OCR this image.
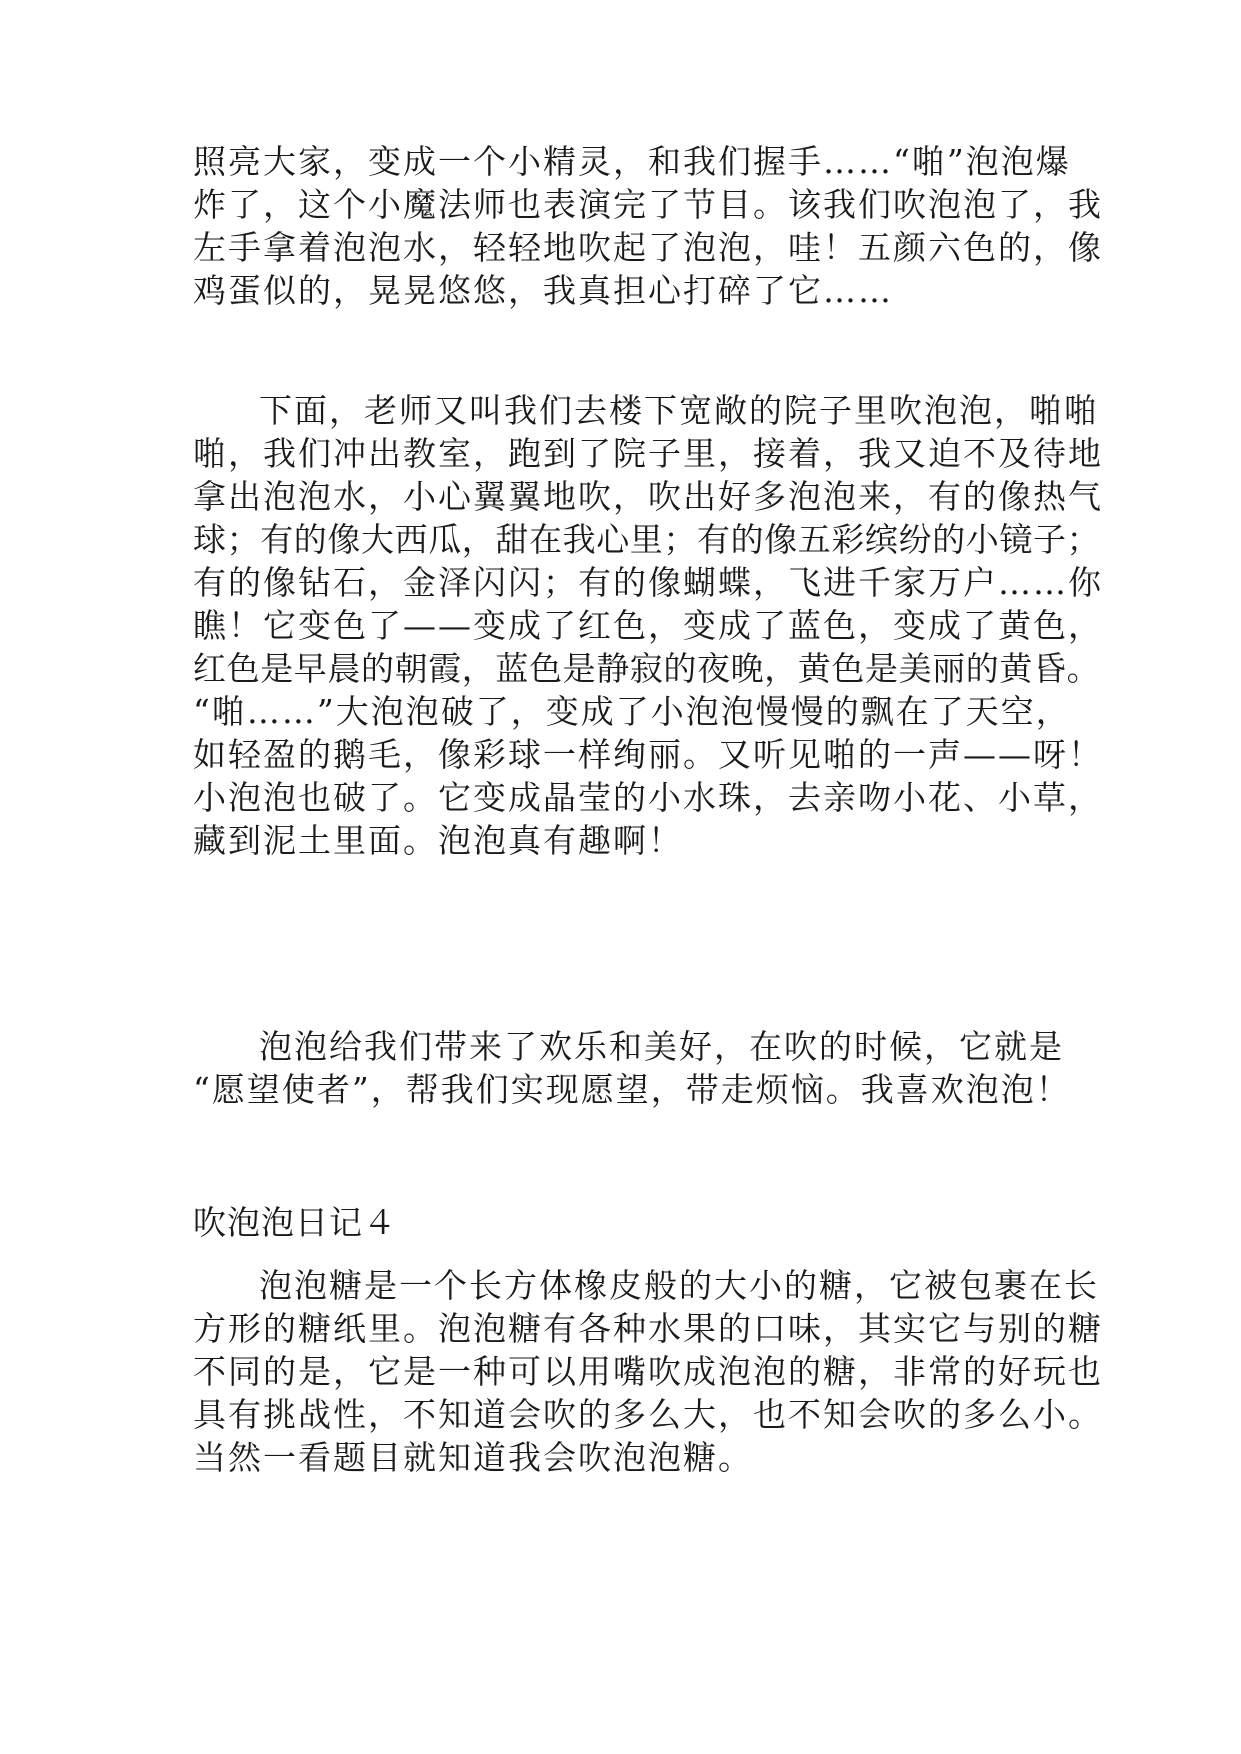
照亮大家，变成一个小精灵，和我们握手……“啪”泡泡爆
炸了，这个小魔法师也表演完了节目。该我们吹泡泡了，我
左手拿着泡泡水，轻轻地吹起了泡泡，哇！五颜六色的，像
鸡蛋似的，晃晃悠悠，我真担心打碎了它……
下面，老师又叫我们去楼下宽敞的院子里吹泡泡，啪啪
啪，我们冲出教室，跑到了院子里，接着，我又迫不及待地
拿出泡泡水，小心翼翼地吹，吹出好多泡泡来，有的像热气
球；有的像大西瓜，甜在我心里；有的像五彩缤纷的小镜子；
有的像钻石，金泽闪闪；有的像蝴蝶，飞进千家万户……你
瞧！它变色了——变成了红色，变成了蓝色，变成了黄色，
红色是早晨的朝霞，蓝色是静寂的夜晚，黄色是美丽的黄昏。
“啪……”大泡泡破了，变成了小泡泡慢慢的飘在了天空，
如轻盈的鹅毛，像彩球一样绚丽。又听见啪的一声——呀！
小泡泡也破了。它变成晶莹的小水珠，去亲吻小花、小草，
藏到泥土里面。泡泡真有趣啊！
泡泡给我们带来了欢乐和美好，在吹的时候，它就是
“愿望使者”，帮我们实现愿望，带走烦恼。我喜欢泡泡！
吹泡泡日记４
泡泡糖是一个长方体橡皮般的大小的糖，它被包裹在长
方形的糖纸里。泡泡糖有各种水果的口味，其实它与别的糖
不同的是，它是一种可以用嘴吹成泡泡的糖，非常的好玩也
具有挑战性，不知道会吹的多么大，也不知会吹的多么小。
当然一看题目就知道我会吹泡泡糖。
